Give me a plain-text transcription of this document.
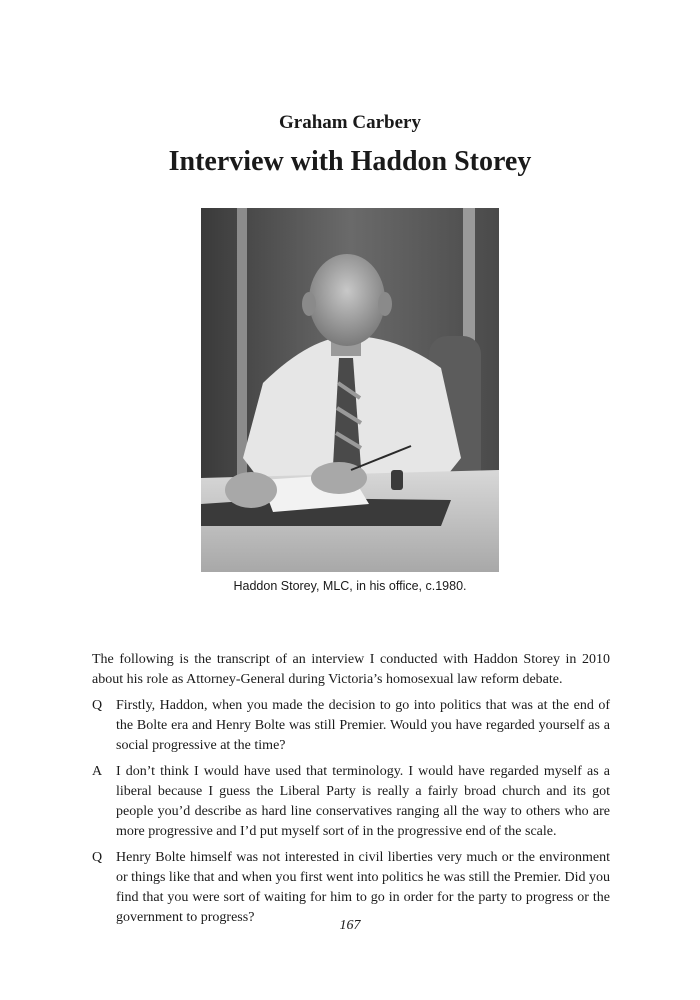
Graham Carbery
Interview with Haddon Storey
Haddon Storey, MLC, in his office, c.1980.

The following is the transcript of an interview I conducted with Haddon Storey in 2010 about his role as Attorney-General during Victoria’s homosexual law reform debate.

Q Firstly, Haddon, when you made the decision to go into politics that was at the end of the Bolte era and Henry Bolte was still Premier. Would you have regarded yourself as a social progressive at the time?
A I don’t think I would have used that terminology. I would have regarded myself as a liberal because I guess the Liberal Party is really a fairly broad church and its got people you’d describe as hard line conservatives ranging all the way to others who are more progressive and I’d put myself sort of in the progressive end of the scale.
Q Henry Bolte himself was not interested in civil liberties very much or the environment or things like that and when you first went into politics he was still the Premier. Did you find that you were sort of waiting for him to go in order for the party to progress or the government to progress?
167
